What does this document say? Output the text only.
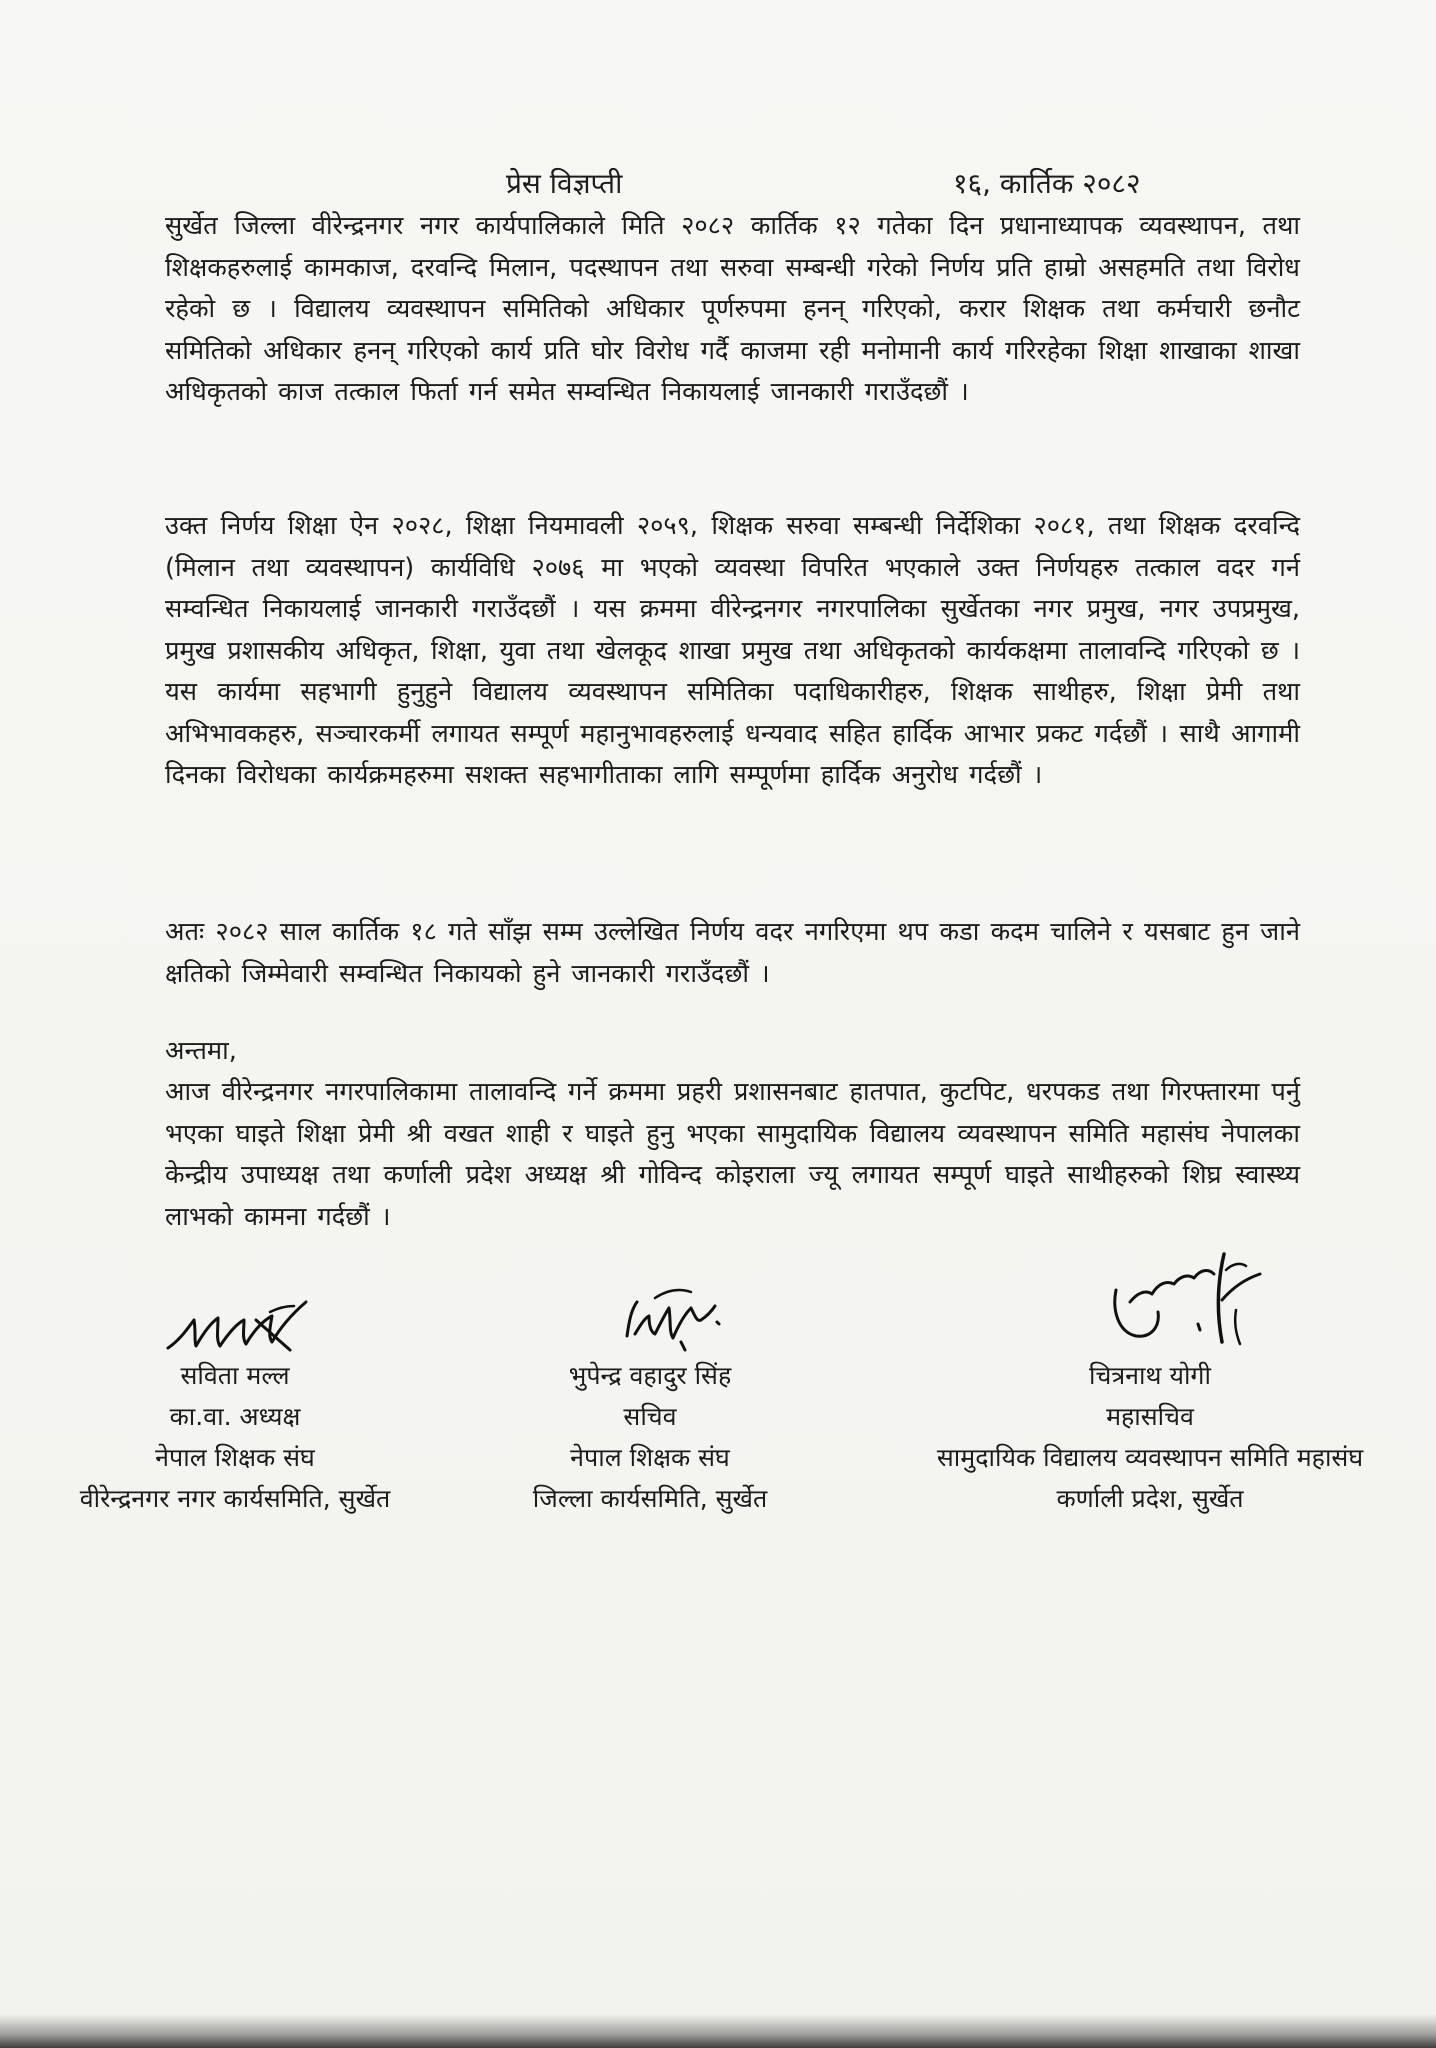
प्रेस विज्ञप्ती	१६, कार्तिक २०८२
सुर्खेत जिल्ला वीरेन्द्रनगर नगर कार्यपालिकाले मिति २०८२ कार्तिक १२ गतेका दिन प्रधानाध्यापक व्यवस्थापन, तथा शिक्षकहरुलाई कामकाज, दरवन्दि मिलान, पदस्थापन तथा सरुवा सम्बन्धी गरेको निर्णय प्रति हाम्रो असहमति तथा विरोध रहेको छ । विद्यालय व्यवस्थापन समितिको अधिकार पूर्णरुपमा हनन् गरिएको, करार शिक्षक तथा कर्मचारी छनौट समितिको अधिकार हनन् गरिएको कार्य प्रति घोर विरोध गर्दै काजमा रही मनोमानी कार्य गरिरहेका शिक्षा शाखाका शाखा अधिकृतको काज तत्काल फिर्ता गर्न समेत सम्वन्धित निकायलाई जानकारी गराउँदछौं ।
उक्त निर्णय शिक्षा ऐन २०२८, शिक्षा नियमावली २०५९, शिक्षक सरुवा सम्बन्धी निर्देशिका २०८१, तथा शिक्षक दरवन्दि (मिलान तथा व्यवस्थापन) कार्यविधि २०७६ मा भएको व्यवस्था विपरित भएकाले उक्त निर्णयहरु तत्काल वदर गर्न सम्वन्धित निकायलाई जानकारी गराउँदछौं । यस क्रममा वीरेन्द्रनगर नगरपालिका सुर्खेतका नगर प्रमुख, नगर उपप्रमुख, प्रमुख प्रशासकीय अधिकृत, शिक्षा, युवा तथा खेलकूद शाखा प्रमुख तथा अधिकृतको कार्यकक्षमा तालावन्दि गरिएको छ । यस कार्यमा सहभागी हुनुहुने विद्यालय व्यवस्थापन समितिका पदाधिकारीहरु, शिक्षक साथीहरु, शिक्षा प्रेमी तथा अभिभावकहरु, सञ्चारकर्मी लगायत सम्पूर्ण महानुभावहरुलाई धन्यवाद सहित हार्दिक आभार प्रकट गर्दछौं । साथै आगामी दिनका विरोधका कार्यक्रमहरुमा सशक्त सहभागीताका लागि सम्पूर्णमा हार्दिक अनुरोध गर्दछौं ।
अतः २०८२ साल कार्तिक १८ गते साँझ सम्म उल्लेखित निर्णय वदर नगरिएमा थप कडा कदम चालिने र यसबाट हुन जाने क्षतिको जिम्मेवारी सम्वन्धित निकायको हुने जानकारी गराउँदछौं ।
अन्तमा,
आज वीरेन्द्रनगर नगरपालिकामा तालावन्दि गर्ने क्रममा प्रहरी प्रशासनबाट हातपात, कुटपिट, धरपकड तथा गिरफ्तारमा पर्नु भएका घाइते शिक्षा प्रेमी श्री वखत शाही र घाइते हुनु भएका सामुदायिक विद्यालय व्यवस्थापन समिति महासंघ नेपालका केन्द्रीय उपाध्यक्ष तथा कर्णाली प्रदेश अध्यक्ष श्री गोविन्द कोइराला ज्यू लगायत सम्पूर्ण घाइते साथीहरुको शिघ्र स्वास्थ्य लाभको कामना गर्दछौं ।
सविता मल्ल
का.वा. अध्यक्ष
नेपाल शिक्षक संघ
वीरेन्द्रनगर नगर कार्यसमिति, सुर्खेत
भुपेन्द्र वहादुर सिंह
सचिव
नेपाल शिक्षक संघ
जिल्ला कार्यसमिति, सुर्खेत
चित्रनाथ योगी
महासचिव
सामुदायिक विद्यालय व्यवस्थापन समिति महासंघ
कर्णाली प्रदेश, सुर्खेत
